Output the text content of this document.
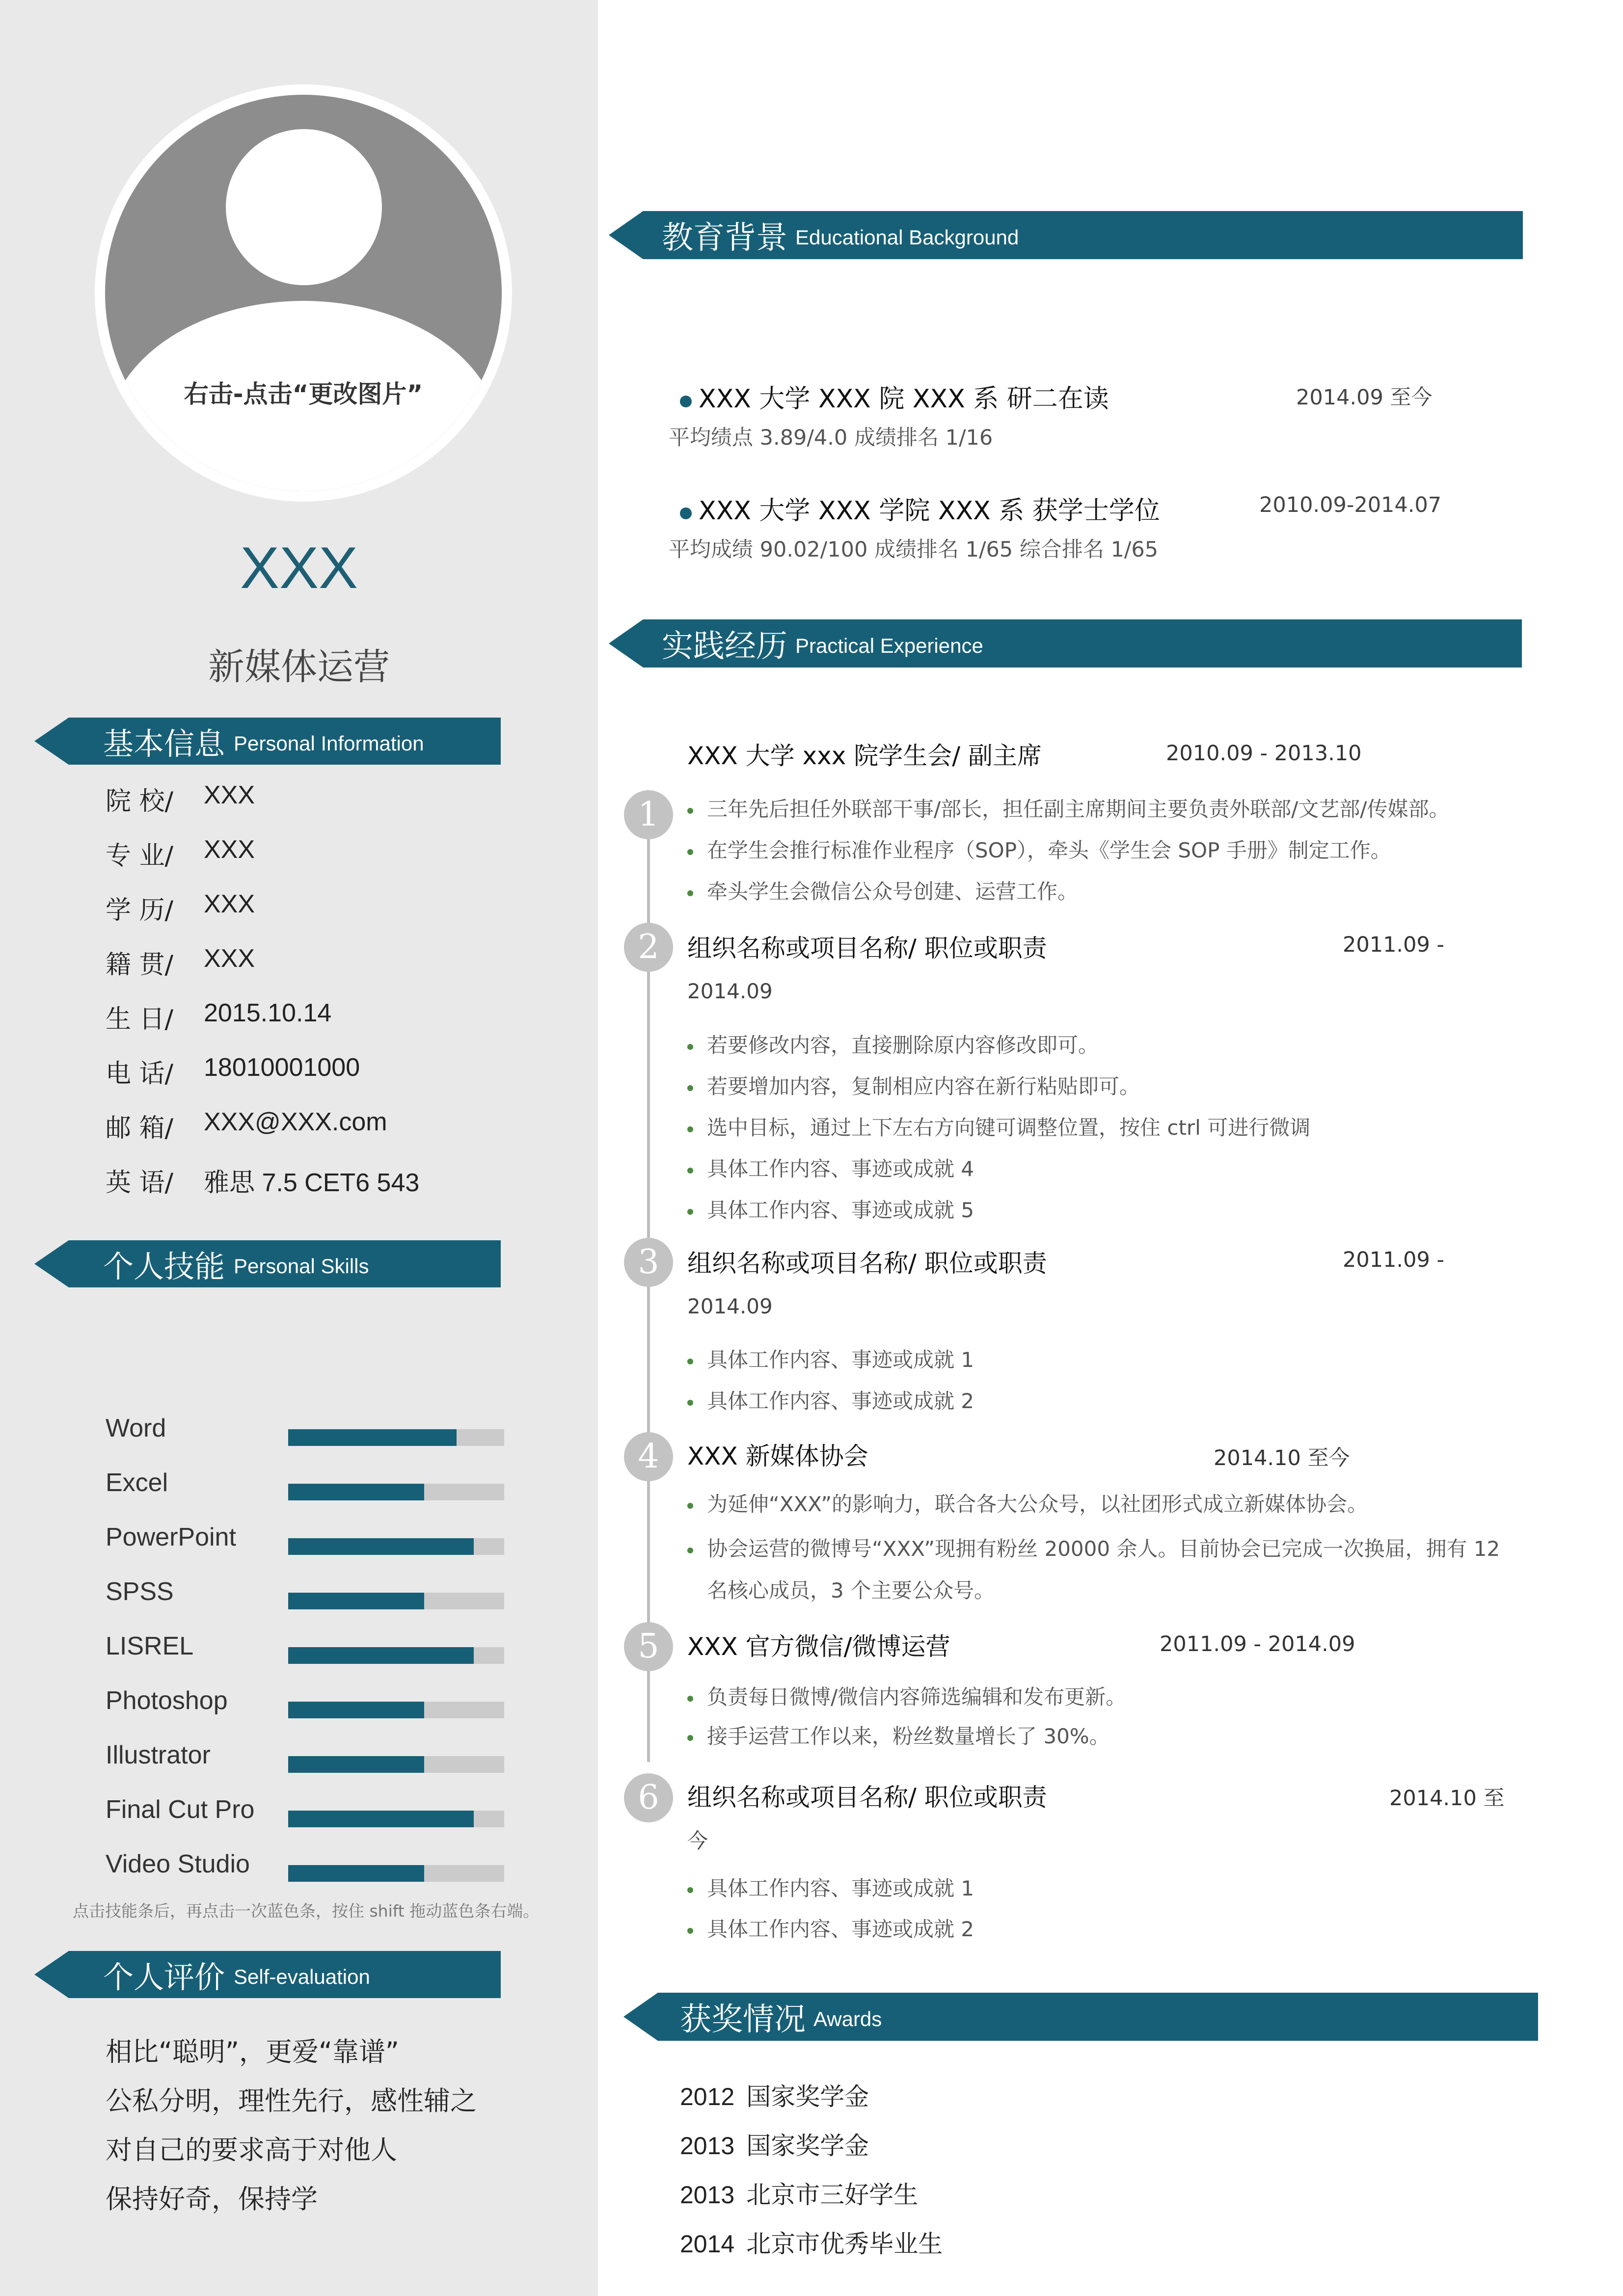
右击-点击“更改图片”
XXX
新媒体运营
基本信息 Personal Information
院 校/	XXX
专 业/	XXX
学 历/	XXX
籍 贯/	XXX
生 日/	2015.10.14
电 话/	18010001000
邮 箱/	XXX@XXX.com
英 语/	雅思 7.5 CET6 543
个人技能 Personal Skills
Word
Excel
PowerPoint
SPSS
LISREL
Photoshop
Illustrator
Final Cut Pro
Video Studio
点击技能条后，再点击一次蓝色条，按住 shift 拖动蓝色条右端。
个人评价 Self-evaluation
相比“聪明”，更爱“靠谱”
公私分明，理性先行，感性辅之
对自己的要求高于对他人
保持好奇，保持学
教育背景 Educational Background
XXX 大学 XXX 院 XXX 系 研二在读	2014.09 至今
平均绩点 3.89/4.0 成绩排名 1/16
XXX 大学 XXX 学院 XXX 系 获学士学位	2010.09-2014.07
平均成绩 90.02/100 成绩排名 1/65 综合排名 1/65
实践经历 Practical Experience
XXX 大学 xxx 院学生会/ 副主席	2010.09 - 2013.10
1	三年先后担任外联部干事/部长，担任副主席期间主要负责外联部/文艺部/传媒部。
在学生会推行标准作业程序（SOP），牵头《学生会 SOP 手册》制定工作。
牵头学生会微信公众号创建、运营工作。
2	组织名称或项目名称/ 职位或职责	2011.09 -
2014.09
若要修改内容，直接删除原内容修改即可。
若要增加内容，复制相应内容在新行粘贴即可。
选中目标，通过上下左右方向键可调整位置，按住 ctrl 可进行微调
具体工作内容、事迹或成就 4
具体工作内容、事迹或成就 5
3	组织名称或项目名称/ 职位或职责	2011.09 -
2014.09
具体工作内容、事迹或成就 1
具体工作内容、事迹或成就 2
4	XXX 新媒体协会	2014.10 至今
为延伸“XXX”的影响力，联合各大公众号，以社团形式成立新媒体协会。
协会运营的微博号“XXX”现拥有粉丝 20000 余人。目前协会已完成一次换届，拥有 12
名核心成员，3 个主要公众号。
5	XXX 官方微信/微博运营	2011.09 - 2014.09
负责每日微博/微信内容筛选编辑和发布更新。
接手运营工作以来，粉丝数量增长了 30%。
6	组织名称或项目名称/ 职位或职责	2014.10 至
今
具体工作内容、事迹或成就 1
具体工作内容、事迹或成就 2
获奖情况 Awards
2012 国家奖学金
2013 国家奖学金
2013 北京市三好学生
2014 北京市优秀毕业生
